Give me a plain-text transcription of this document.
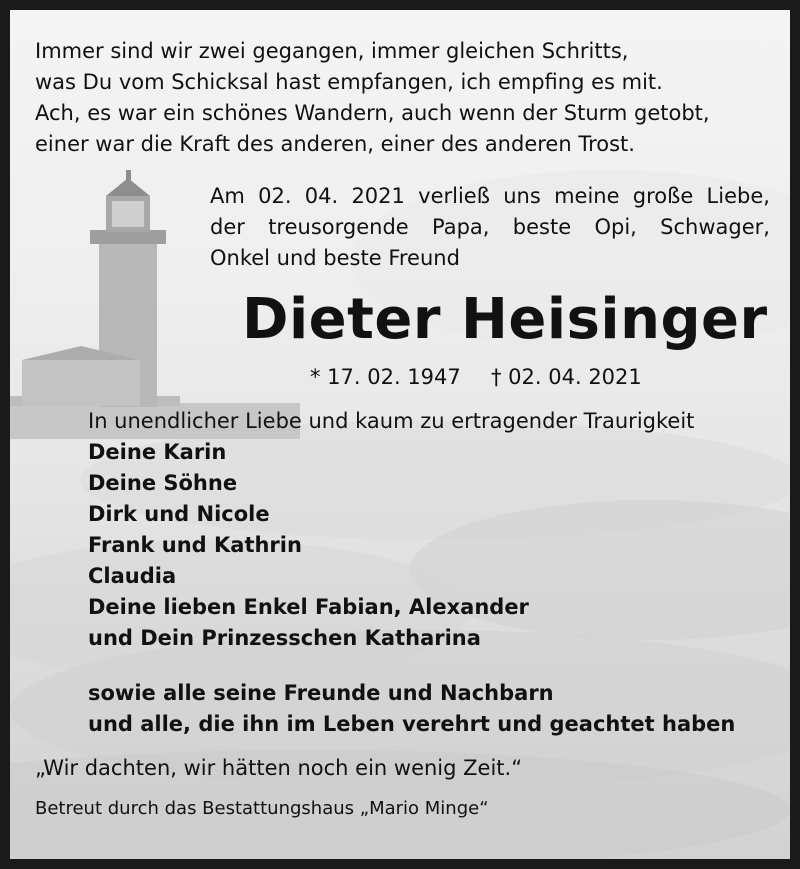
Immer sind wir zwei gegangen, immer gleichen Schritts,
was Du vom Schicksal hast empfangen, ich empfing es mit.
Ach, es war ein schönes Wandern, auch wenn der Sturm getobt,
einer war die Kraft des anderen, einer des anderen Trost.
Am 02. 04. 2021 verließ uns meine große Liebe,
der treusorgende Papa, beste Opi, Schwager,
Onkel und beste Freund
Dieter Heisinger
* 17. 02. 1947 † 02. 04. 2021
In unendlicher Liebe und kaum zu ertragender Traurigkeit
Deine Karin
Deine Söhne
Dirk und Nicole
Frank und Kathrin
Claudia
Deine lieben Enkel Fabian, Alexander
und Dein Prinzesschen Katharina
sowie alle seine Freunde und Nachbarn
und alle, die ihn im Leben verehrt und geachtet haben
„Wir dachten, wir hätten noch ein wenig Zeit.“
Betreut durch das Bestattungshaus „Mario Minge“
